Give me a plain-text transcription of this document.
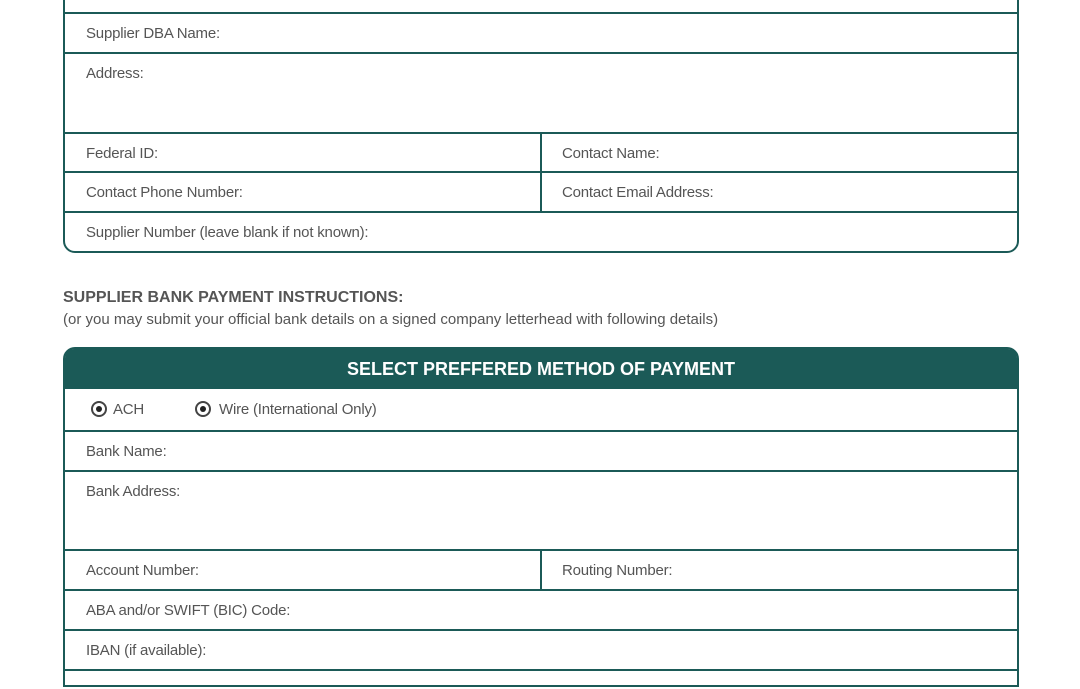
Supplier DBA Name:
Address:
Federal ID:	Contact Name:
Contact Phone Number:	Contact Email Address:
Supplier Number (leave blank if not known):
SUPPLIER BANK PAYMENT INSTRUCTIONS:
(or you may submit your official bank details on a signed company letterhead with following details)
SELECT PREFFERED METHOD OF PAYMENT
ACH	Wire (International Only)
Bank Name:
Bank Address:
Account Number:	Routing Number:
ABA and/or SWIFT (BIC) Code:
IBAN (if available):
